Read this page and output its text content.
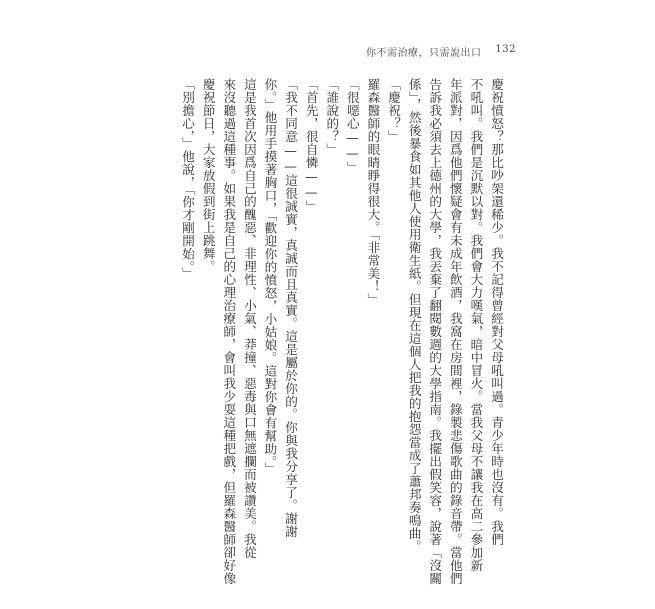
你不需治療，只需說出口 132
慶祝憤怒？那比吵架還稀少。我不記得曾經對父母吼叫過。青少年時也沒有。我們
不吼叫。我們是沉默以對。我們會大力嘆氣，暗中冒火。當我父母不讓我在高二參加新
年派對，因爲他們懷疑會有未成年飲酒，我窩在房間裡，錄製悲傷歌曲的錄音帶。當他們
告訴我必須去上德州的大學，我丟棄了翻閱數週的大學指南。我擺出假笑容，說著「沒關
係」，然後暴食如其他人使用衛生紙。但現在這個人把我的抱怨當成了蕭邦奏鳴曲。
「慶祝？」
羅森醫師的眼睛睜得很大。「非常美！」
「很噁心——」
「誰說的？」
「首先，很自憐——」
「我不同意——這很誠實，真誠而且真實。這是屬於你的。你與我分享了。謝謝
你。」他用手摸著胸口，「歡迎你的憤怒，小姑娘。這對你會有幫助。」
這是我首次因爲自己的醜惡、非理性、小氣、莽撞、惡毒與口無遮攔而被讚美。我從
來沒聽過這種事。如果我是自己的心理治療師，會叫我少耍這種把戲，但羅森醫師卻好像
慶祝節日，大家放假到街上跳舞。
「別擔心，」他說，「你才剛開始。」
